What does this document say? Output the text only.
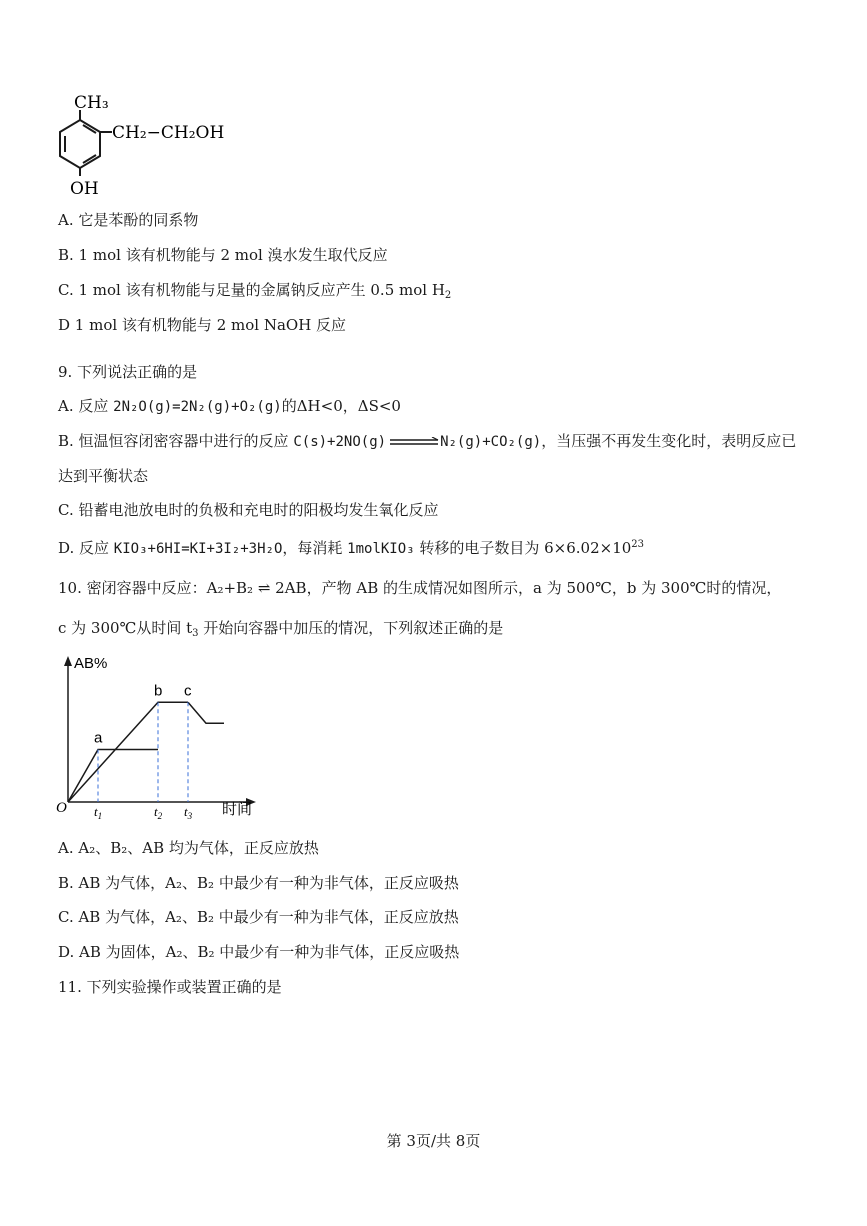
CH₃
CH₂−CH₂OH
OH
A. 它是苯酚的同系物
B. 1 mol 该有机物能与 2 mol 溴水发生取代反应
C. 1 mol 该有机物能与足量的金属钠反应产生 0.5 mol $H_2$
D 1 mol 该有机物能与 2 mol NaOH 反应
9. 下列说法正确的是
A. 反应 2N₂O(g)=2N₂(g)+O₂(g)的ΔH<0，ΔS<0
B. 恒温恒容闭密容器中进行的反应 C(s)+2NO(g)	N₂(g)+CO₂(g)，当压强不再发生变化时，表明反应已
达到平衡状态
C. 铅蓄电池放电时的负极和充电时的阳极均发生氧化反应
D. 反应 KIO₃+6HI=KI+3I₂+3H₂O，每消耗 1molKIO₃ 转移的电子数目为 $6\times 6.02\times 10^{23}$
10. 密闭容器中反应：A₂+B₂ ⇌ 2AB，产物 AB 的生成情况如图所示，a 为 500℃，b 为 300℃时的情况，
c 为 300℃从时间 $t_3$ 开始向容器中加压的情况，下列叙述正确的是
AB%
时间
O $t_1$	$t_2$ $t_3$
a
b c
A. A₂、B₂、AB 均为气体，正反应放热
B. AB 为气体，A₂、B₂ 中最少有一种为非气体，正反应吸热
C. AB 为气体，A₂、B₂ 中最少有一种为非气体，正反应放热
D. AB 为固体，A₂、B₂ 中最少有一种为非气体，正反应吸热
11. 下列实验操作或装置正确的是
第 3页/共 8页
